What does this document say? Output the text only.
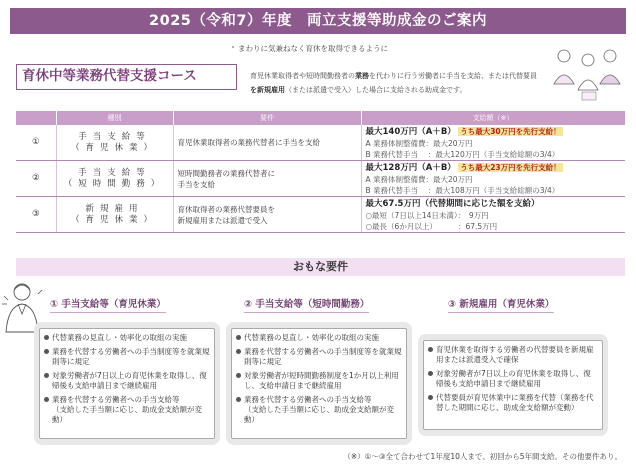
2025（令和7）年度　両立支援等助成金のご案内
まわりに気兼ねなく育休を取得できるように
育休中等業務代替支援コース	育児休業取得者や短時間勤務者の業務を代わりに行う労働者に手当を支給、または代替要員
を新規雇用（または派遣で受入）した場合に支給される助成金です。
	種別	要件	支給額（※）
①	手当支給等
（育児休業）	育児休業取得者の業務代替者に手当を支給	最大140万円（A＋B） うち最大30万円を先行支給！
A 業務体制整備費：最大20万円
B 業務代替手当　 ：最大120万円（手当支給総額の3/4）
②	手当支給等
（短時間勤務）	短時間勤務者の業務代替者に
手当を支給	最大128万円（A＋B） うち最大23万円を先行支給！
A 業務体制整備費：最大20万円
B 業務代替手当　 ：最大108万円（手当支給総額の3/4）
③	新規雇用
（育児休業）	育休取得者の業務代替要員を
新規雇用または派遣で受入	最大67.5万円（代替期間に応じた額を支給）
○最短（7日以上14日未満）：　9万円
○最長（6か月以上）　　　 ：67.5万円
おもな要件
① 手当支給等（育児休業）	② 手当支給等（短時間勤務）	③ 新規雇用（育児休業）
代替業務の見直し・効率化の取組の実施
業務を代替する労働者への手当制度等を就業規則等に規定
対象労働者が7日以上の育児休業を取得し、復帰後も支給申請日まで継続雇用
業務を代替する労働者への手当支給等
（支給した手当額に応じ、助成金支給額が変動）
代替業務の見直し・効率化の取組の実施
業務を代替する労働者への手当制度等を就業規則等に規定
対象労働者が短時間勤務制度を1か月以上利用し、支給申請日まで継続雇用
業務を代替する労働者への手当支給等
（支給した手当額に応じ、助成金支給額が変動）
育児休業を取得する労働者の代替要員を新規雇用または派遣受入で確保
対象労働者が7日以上の育児休業を取得し、復帰後も支給申請日まで継続雇用
代替要員が育児休業中に業務を代替（業務を代替した期間に応じ、助成金支給額が変動）
（※）①～③全て合わせて1年度10人まで、初回から5年間支給。その他要件あり。
